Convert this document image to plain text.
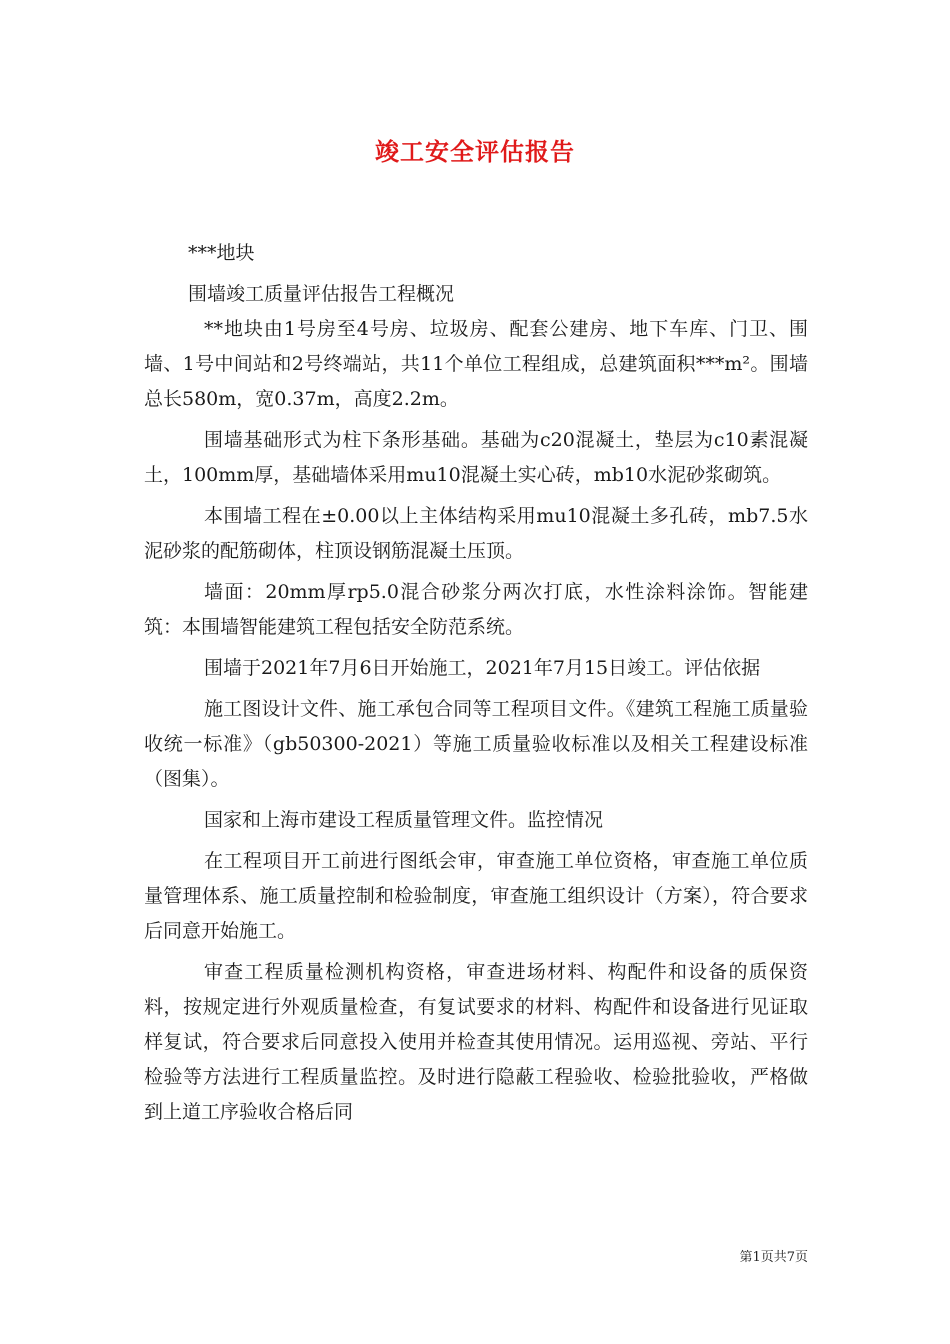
竣工安全评估报告

***地块

围墙竣工质量评估报告工程概况

**地块由1号房至4号房、垃圾房、配套公建房、地下车库、门卫、围墙、1号中间站和2号终端站，共11个单位工程组成，总建筑面积***m²。围墙总长580m，宽0.37m，高度2.2m。

围墙基础形式为柱下条形基础。基础为c20混凝土，垫层为c10素混凝土，100mm厚，基础墙体采用mu10混凝土实心砖，mb10水泥砂浆砌筑。

本围墙工程在±0.00以上主体结构采用mu10混凝土多孔砖，mb7.5水泥砂浆的配筋砌体，柱顶设钢筋混凝土压顶。

墙面：20mm厚rp5.0混合砂浆分两次打底，水性涂料涂饰。智能建筑：本围墙智能建筑工程包括安全防范系统。

围墙于2021年7月6日开始施工，2021年7月15日竣工。评估依据

施工图设计文件、施工承包合同等工程项目文件。《建筑工程施工质量验收统一标准》（gb50300-2021）等施工质量验收标准以及相关工程建设标准（图集）。

国家和上海市建设工程质量管理文件。监控情况

在工程项目开工前进行图纸会审，审查施工单位资格，审查施工单位质量管理体系、施工质量控制和检验制度，审查施工组织设计（方案），符合要求后同意开始施工。

审查工程质量检测机构资格，审查进场材料、构配件和设备的质保资料，按规定进行外观质量检查，有复试要求的材料、构配件和设备进行见证取样复试，符合要求后同意投入使用并检查其使用情况。运用巡视、旁站、平行检验等方法进行工程质量监控。及时进行隐蔽工程验收、检验批验收，严格做到上道工序验收合格后同

第1页共7页
